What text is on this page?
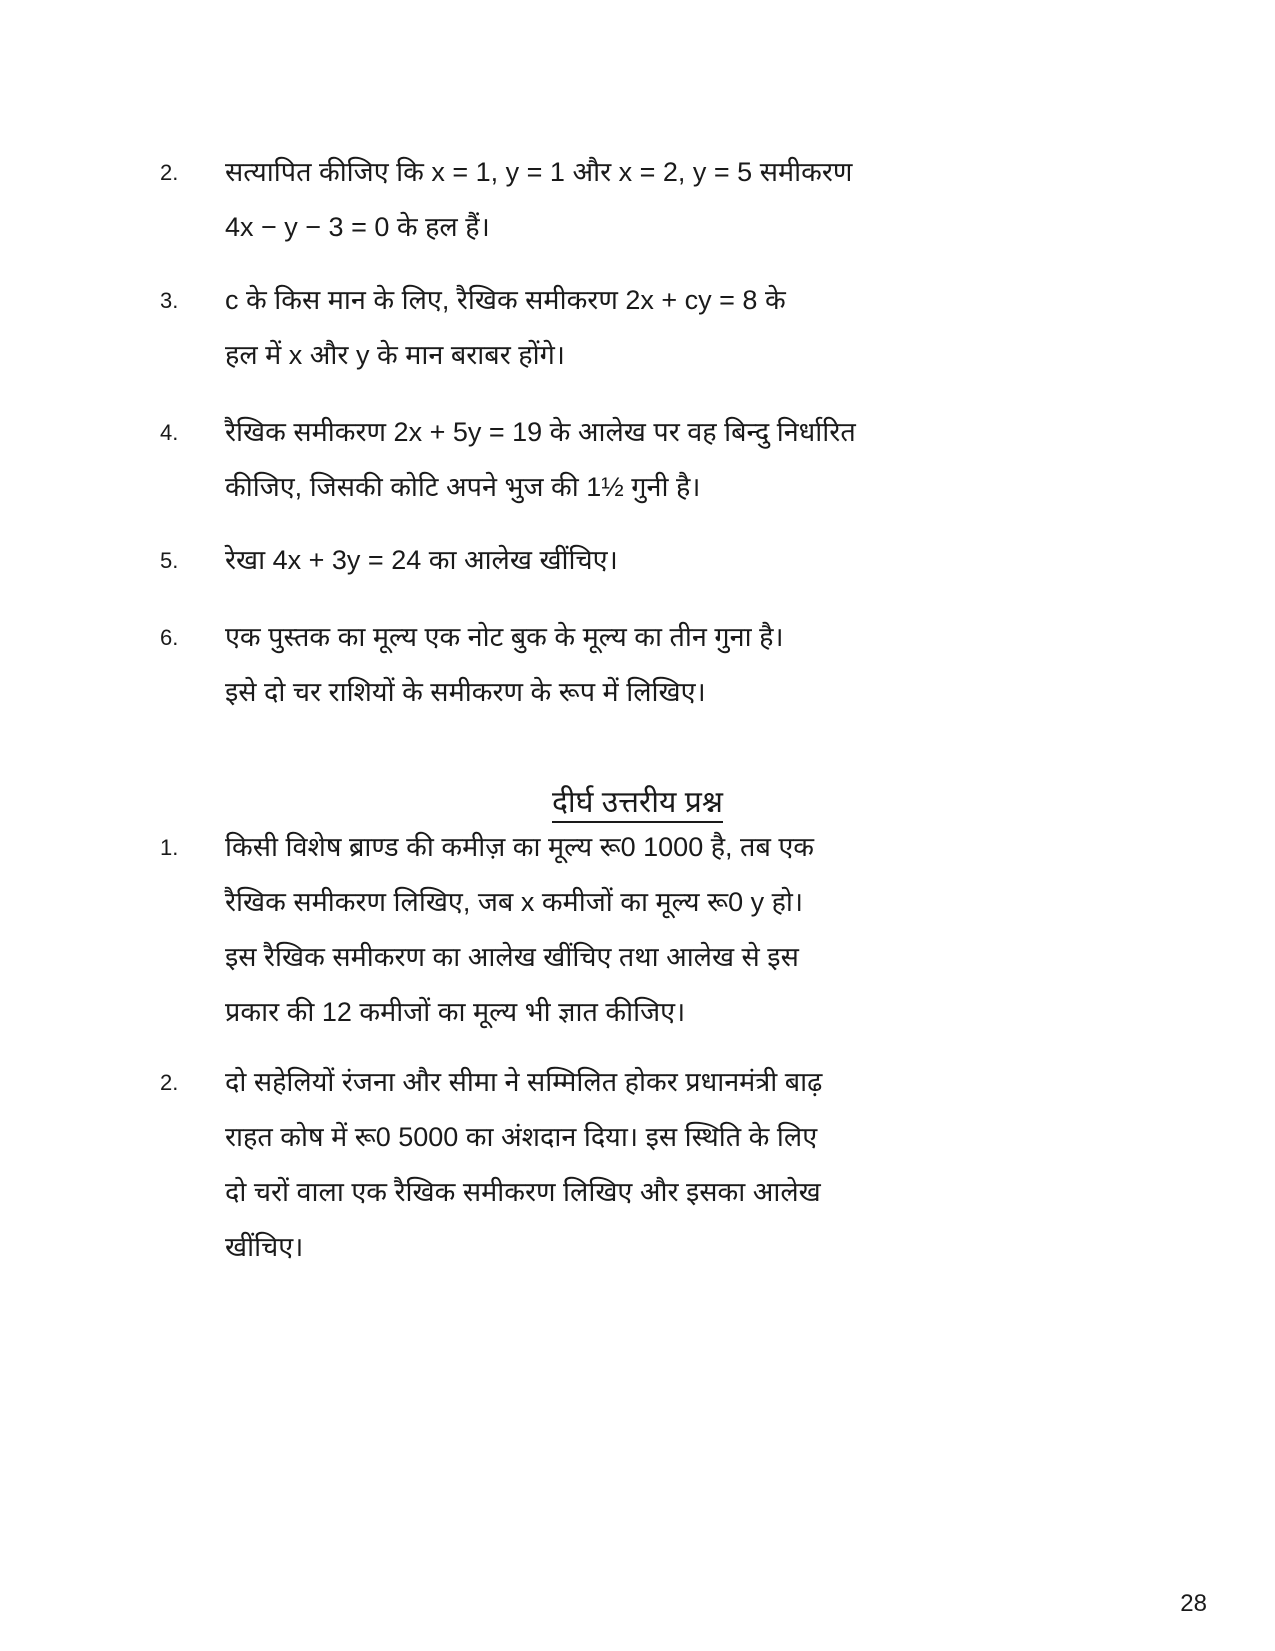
2.	सत्यापित कीजिए कि x = 1, y = 1 और x = 2, y = 5 समीकरण
4x − y − 3 = 0 के हल हैं।
3.	c के किस मान के लिए, रैखिक समीकरण 2x + cy = 8 के
हल में x और y के मान बराबर होंगे।
4.	रैखिक समीकरण 2x + 5y = 19 के आलेख पर वह बिन्दु निर्धारित
कीजिए, जिसकी कोटि अपने भुज की 1½ गुनी है।
5.	रेखा 4x + 3y = 24 का आलेख खींचिए।
6.	एक पुस्तक का मूल्य एक नोट बुक के मूल्य का तीन गुना है।
इसे दो चर राशियों के समीकरण के रूप में लिखिए।
दीर्घ उत्तरीय प्रश्न
1.	किसी विशेष ब्राण्ड की कमीज़ का मूल्य रू0 1000 है, तब एक
रैखिक समीकरण लिखिए, जब x कमीजों का मूल्य रू0 y हो।
इस रैखिक समीकरण का आलेख खींचिए तथा आलेख से इस
प्रकार की 12 कमीजों का मूल्य भी ज्ञात कीजिए।
2.	दो सहेलियों रंजना और सीमा ने सम्मिलित होकर प्रधानमंत्री बाढ़
राहत कोष में रू0 5000 का अंशदान दिया। इस स्थिति के लिए
दो चरों वाला एक रैखिक समीकरण लिखिए और इसका आलेख
खींचिए।
28
